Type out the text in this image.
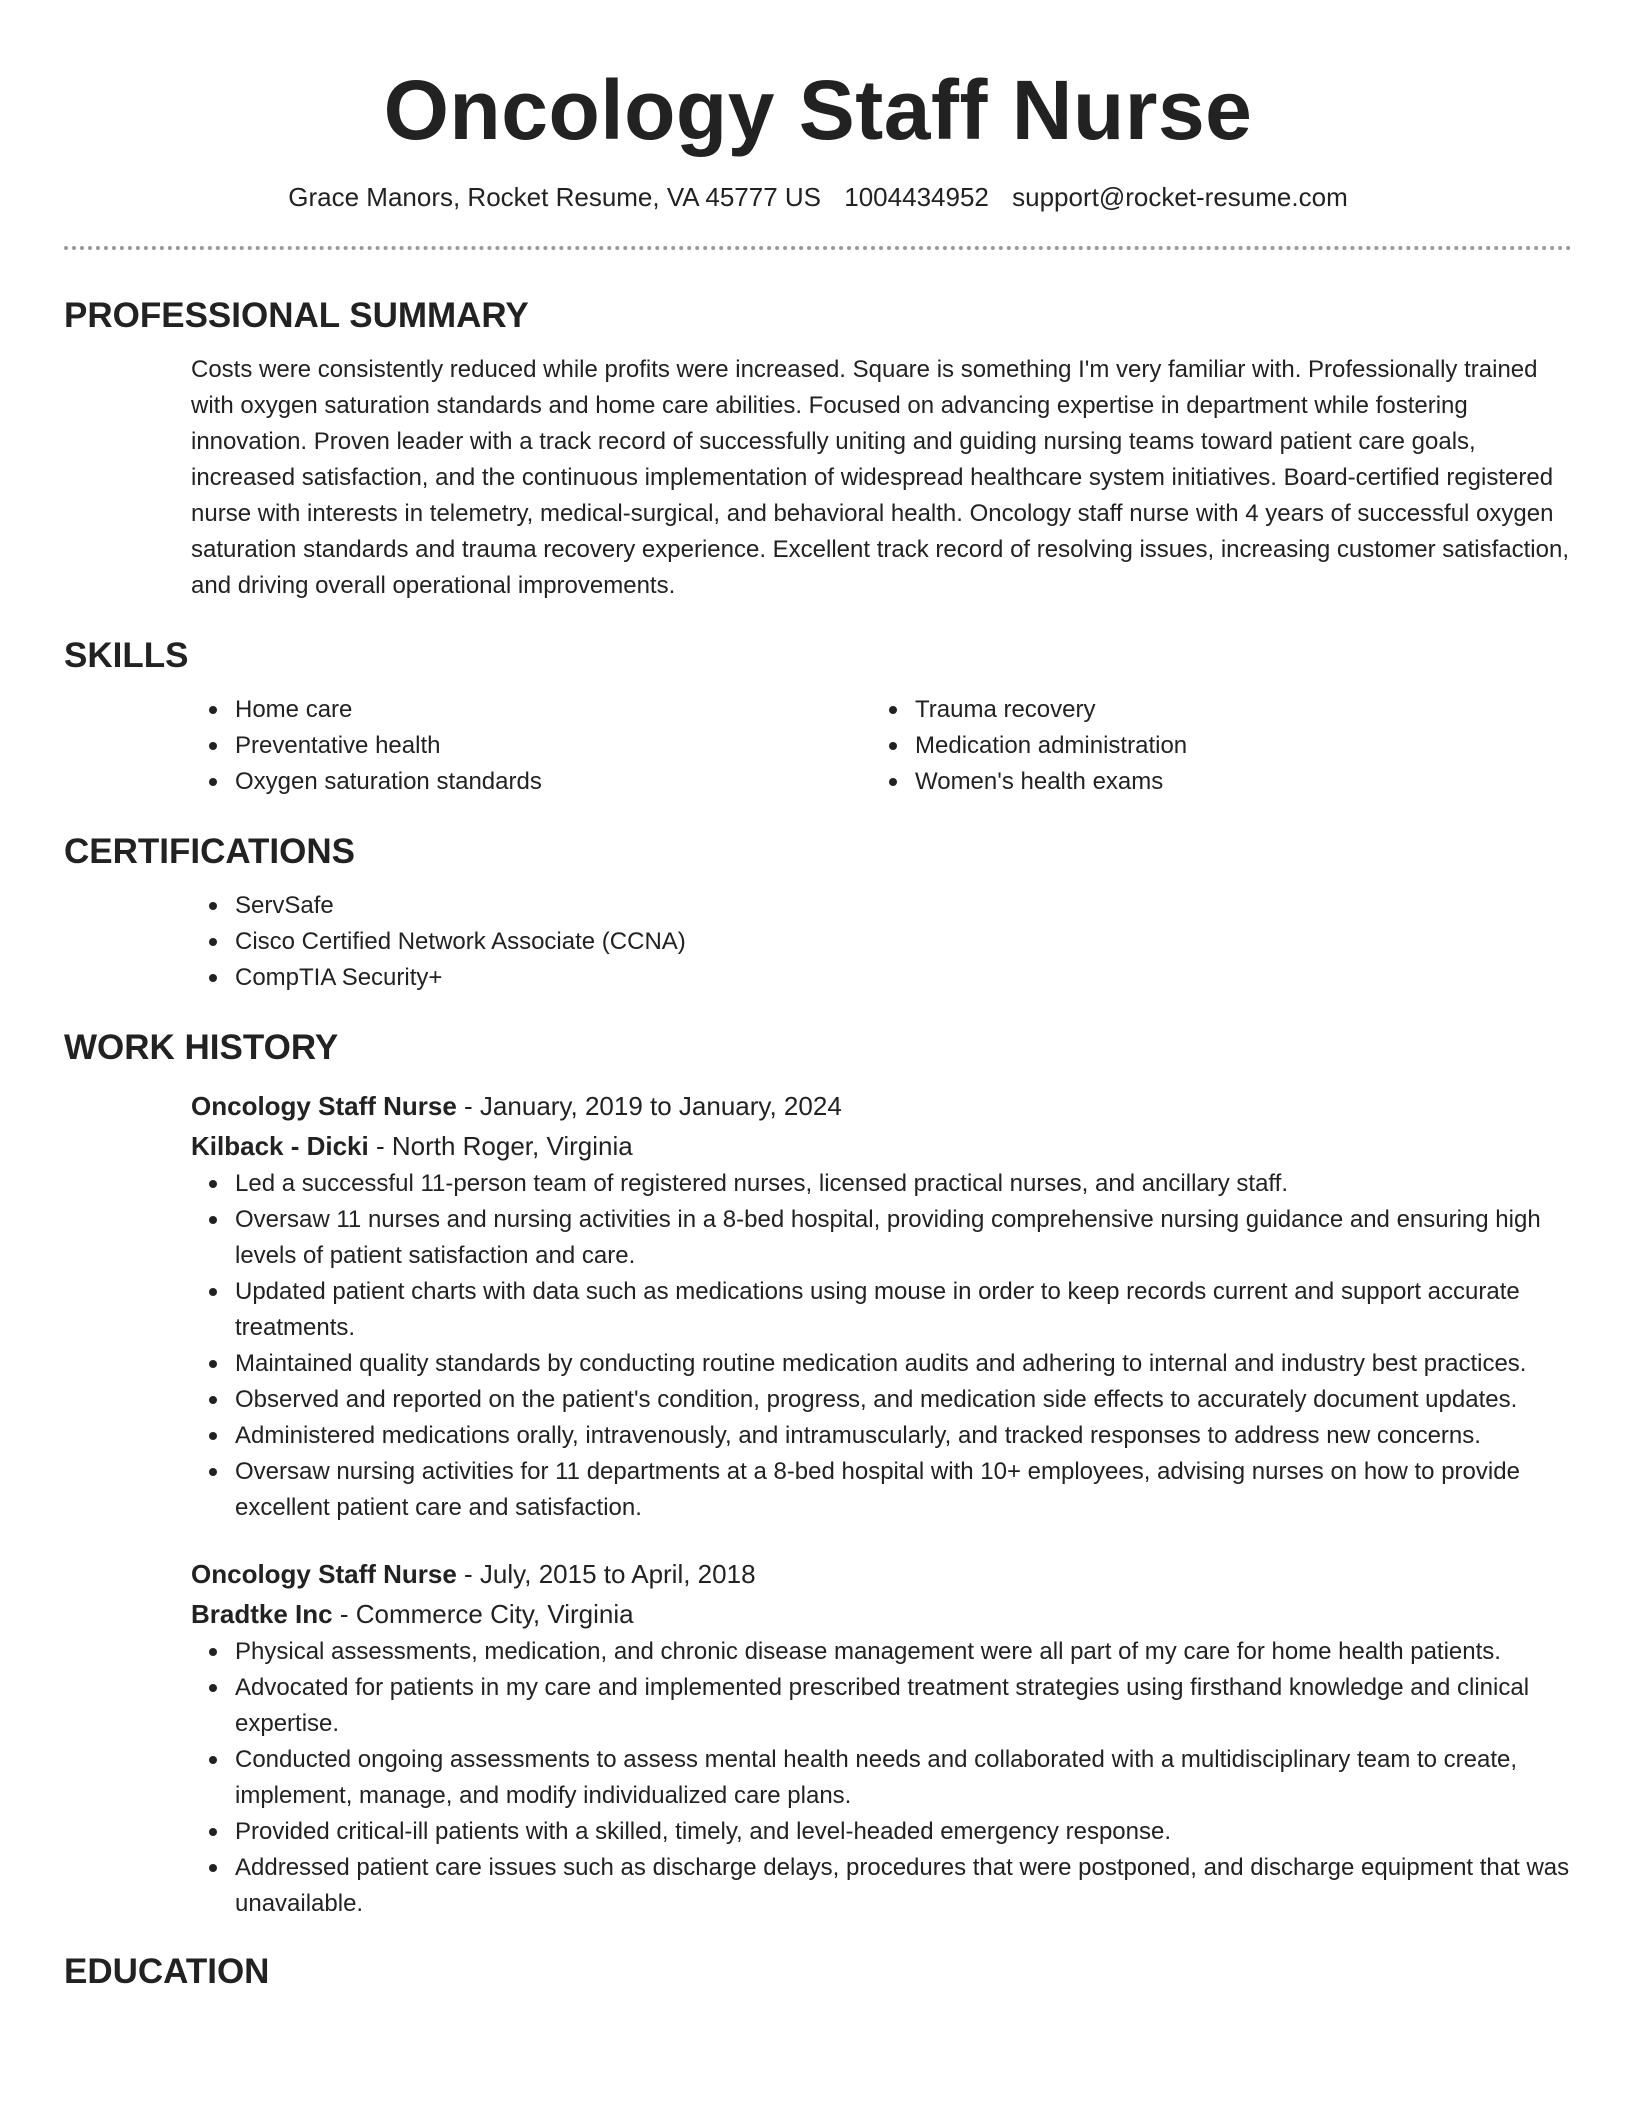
Oncology Staff Nurse
Grace Manors, Rocket Resume, VA 45777 US 1004434952 support@rocket-resume.com
PROFESSIONAL SUMMARY

Costs were consistently reduced while profits were increased. Square is something I'm very familiar with. Professionally trained with oxygen saturation standards and home care abilities. Focused on advancing expertise in department while fostering innovation. Proven leader with a track record of successfully uniting and guiding nursing teams toward patient care goals, increased satisfaction, and the continuous implementation of widespread healthcare system initiatives. Board-certified registered nurse with interests in telemetry, medical-surgical, and behavioral health. Oncology staff nurse with 4 years of successful oxygen saturation standards and trauma recovery experience. Excellent track record of resolving issues, increasing customer satisfaction, and driving overall operational improvements.

SKILLS
Home care
Preventative health
Oxygen saturation standards
Trauma recovery
Medication administration
Women's health exams
CERTIFICATIONS
ServSafe
Cisco Certified Network Associate (CCNA)
CompTIA Security+
WORK HISTORY
Oncology Staff Nurse - January, 2019 to January, 2024
Kilback - Dicki - North Roger, Virginia
Led a successful 11-person team of registered nurses, licensed practical nurses, and ancillary staff.
Oversaw 11 nurses and nursing activities in a 8-bed hospital, providing comprehensive nursing guidance and ensuring high levels of patient satisfaction and care.
Updated patient charts with data such as medications using mouse in order to keep records current and support accurate treatments.
Maintained quality standards by conducting routine medication audits and adhering to internal and industry best practices.
Observed and reported on the patient's condition, progress, and medication side effects to accurately document updates.
Administered medications orally, intravenously, and intramuscularly, and tracked responses to address new concerns.
Oversaw nursing activities for 11 departments at a 8-bed hospital with 10+ employees, advising nurses on how to provide excellent patient care and satisfaction.
Oncology Staff Nurse - July, 2015 to April, 2018
Bradtke Inc - Commerce City, Virginia
Physical assessments, medication, and chronic disease management were all part of my care for home health patients.
Advocated for patients in my care and implemented prescribed treatment strategies using firsthand knowledge and clinical expertise.
Conducted ongoing assessments to assess mental health needs and collaborated with a multidisciplinary team to create, implement, manage, and modify individualized care plans.
Provided critical-ill patients with a skilled, timely, and level-headed emergency response.
Addressed patient care issues such as discharge delays, procedures that were postponed, and discharge equipment that was unavailable.
EDUCATION
